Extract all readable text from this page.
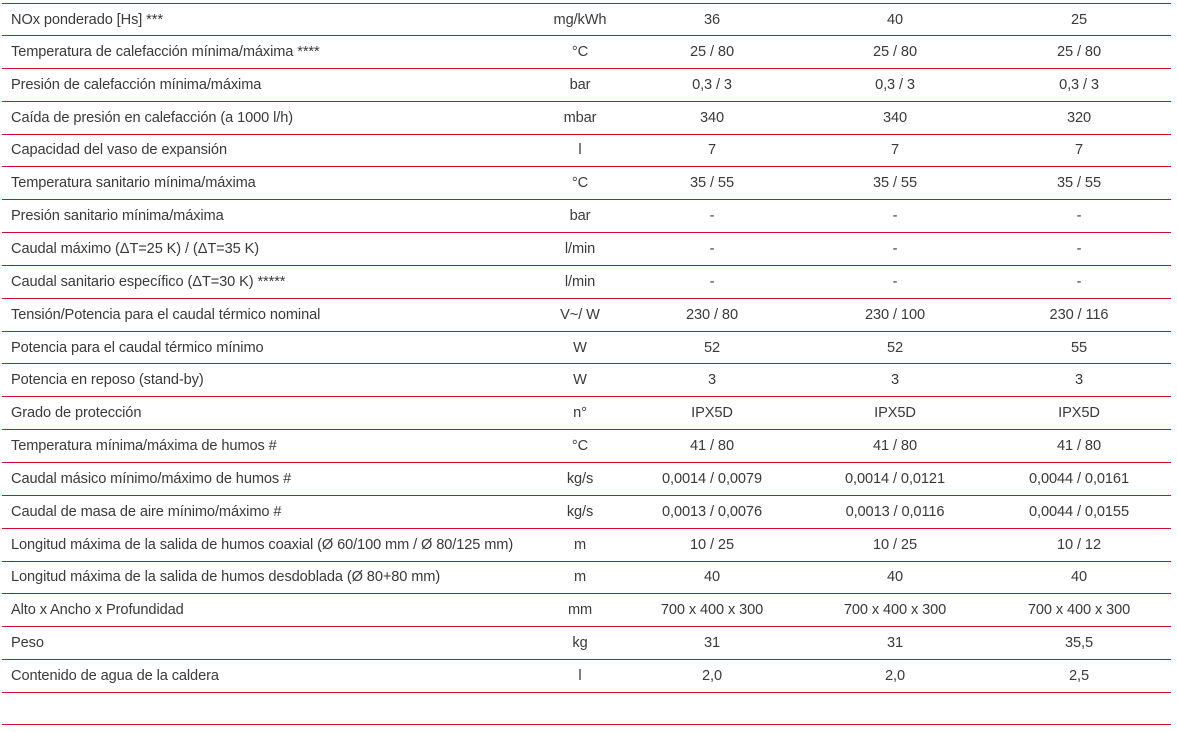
NOx ponderado [Hs] ***	mg/kWh	36	40	25
Temperatura de calefacción mínima/máxima ****	°C	25 / 80	25 / 80	25 / 80
Presión de calefacción mínima/máxima	bar	0,3 / 3	0,3 / 3	0,3 / 3
Caída de presión en calefacción (a 1000 l/h)	mbar	340	340	320
Capacidad del vaso de expansión	l	7	7	7
Temperatura sanitario mínima/máxima	°C	35 / 55	35 / 55	35 / 55
Presión sanitario mínima/máxima	bar	-	-	-
Caudal máximo (ΔT=25 K) / (ΔT=35 K)	l/min	-	-	-
Caudal sanitario específico (ΔT=30 K) *****	l/min	-	-	-
Tensión/Potencia para el caudal térmico nominal	V~/ W	230 / 80	230 / 100	230 / 116
Potencia para el caudal térmico mínimo	W	52	52	55
Potencia en reposo (stand-by)	W	3	3	3
Grado de protección	n°	IPX5D	IPX5D	IPX5D
Temperatura mínima/máxima de humos #	°C	41 / 80	41 / 80	41 / 80
Caudal másico mínimo/máximo de humos #	kg/s	0,0014 / 0,0079	0,0014 / 0,0121	0,0044 / 0,0161
Caudal de masa de aire mínimo/máximo #	kg/s	0,0013 / 0,0076	0,0013 / 0,0116	0,0044 / 0,0155
Longitud máxima de la salida de humos coaxial (Ø 60/100 mm / Ø 80/125 mm)	m	10 / 25	10 / 25	10 / 12
Longitud máxima de la salida de humos desdoblada (Ø 80+80 mm)	m	40	40	40
Alto x Ancho x Profundidad	mm	700 x 400 x 300	700 x 400 x 300	700 x 400 x 300
Peso	kg	31	31	35,5
Contenido de agua de la caldera	l	2,0	2,0	2,5
